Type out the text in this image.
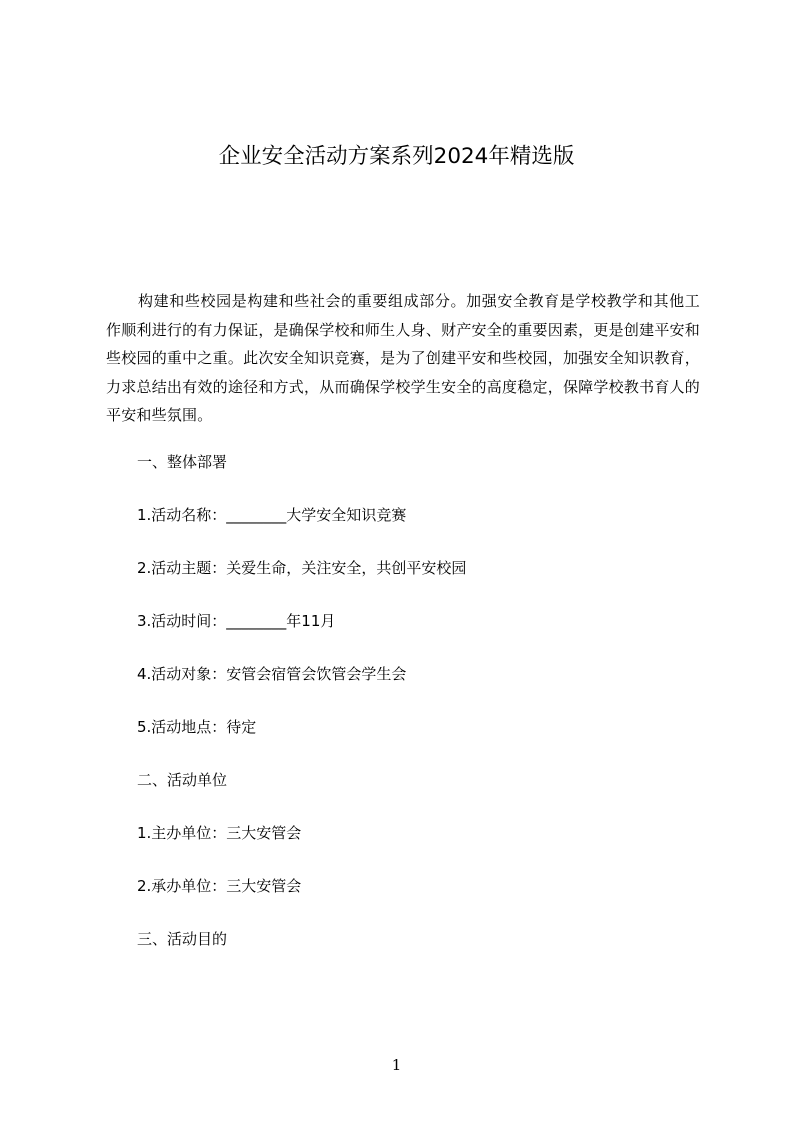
企业安全活动方案系列2024年精选版

构建和些校园是构建和些社会的重要组成部分。加强安全教育是学校教学和其他工作顺利进行的有力保证，是确保学校和师生人身、财产安全的重要因素，更是创建平安和些校园的重中之重。此次安全知识竞赛，是为了创建平安和些校园，加强安全知识教育，力求总结出有效的途径和方式，从而确保学校学生安全的高度稳定，保障学校教书育人的平安和些氛围。

一、整体部署

1.活动名称：________大学安全知识竞赛

2.活动主题：关爱生命，关注安全，共创平安校园

3.活动时间：________年11月

4.活动对象：安管会宿管会饮管会学生会

5.活动地点：待定

二、活动单位

1.主办单位：三大安管会

2.承办单位：三大安管会

三、活动目的

1
